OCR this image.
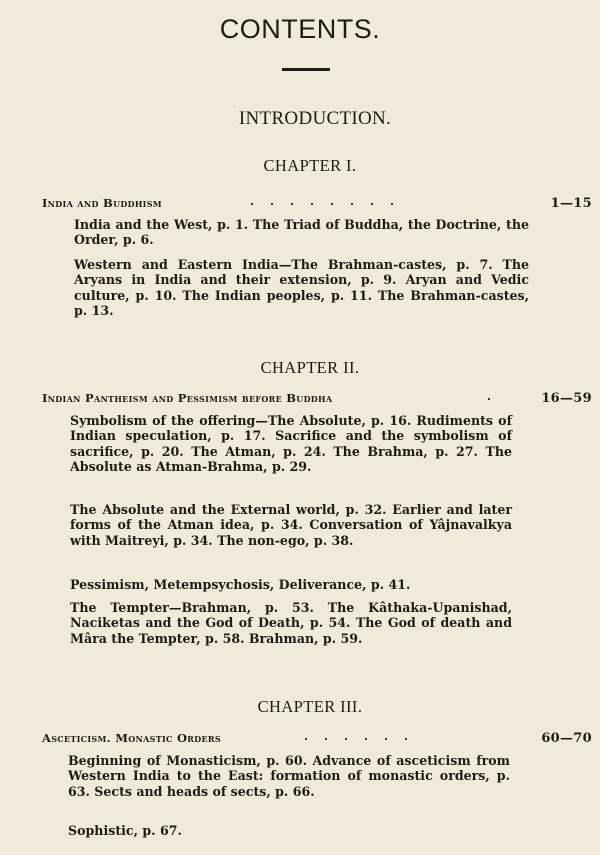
CONTENTS.
INTRODUCTION.
CHAPTER I.
India and Buddhism	. . . . . . . .	1—15
India and the West, p. 1. The Triad of Buddha, the Doctrine, the Order, p. 6.
Western and Eastern India—The Brahman-castes, p. 7. The Aryans in India and their extension, p. 9. Aryan and Vedic culture, p. 10. The Indian peoples, p. 11. The Brahman-castes, p. 13.
CHAPTER II.
Indian Pantheism and Pessimism before Buddha	.	16—59
Symbolism of the offering—The Absolute, p. 16. Rudiments of Indian speculation, p. 17. Sacrifice and the symbolism of sacrifice, p. 20. The Atman, p. 24. The Brahma, p. 27. The Absolute as Atman-Brahma, p. 29.
The Absolute and the External world, p. 32. Earlier and later forms of the Atman idea, p. 34. Conversation of Yâjnavalkya with Maitreyi, p. 34. The non-ego, p. 38.
Pessimism, Metempsychosis, Deliverance, p. 41.
The Tempter—Brahman, p. 53. The Kâthaka-Upanishad, Naciketas and the God of Death, p. 54. The God of death and Mâra the Tempter, p. 58. Brahman, p. 59.
CHAPTER III.
Asceticism. Monastic Orders	. . . . . .	60—70
Beginning of Monasticism, p. 60. Advance of asceticism from Western India to the East: formation of monastic orders, p. 63. Sects and heads of sects, p. 66.
Sophistic, p. 67.
